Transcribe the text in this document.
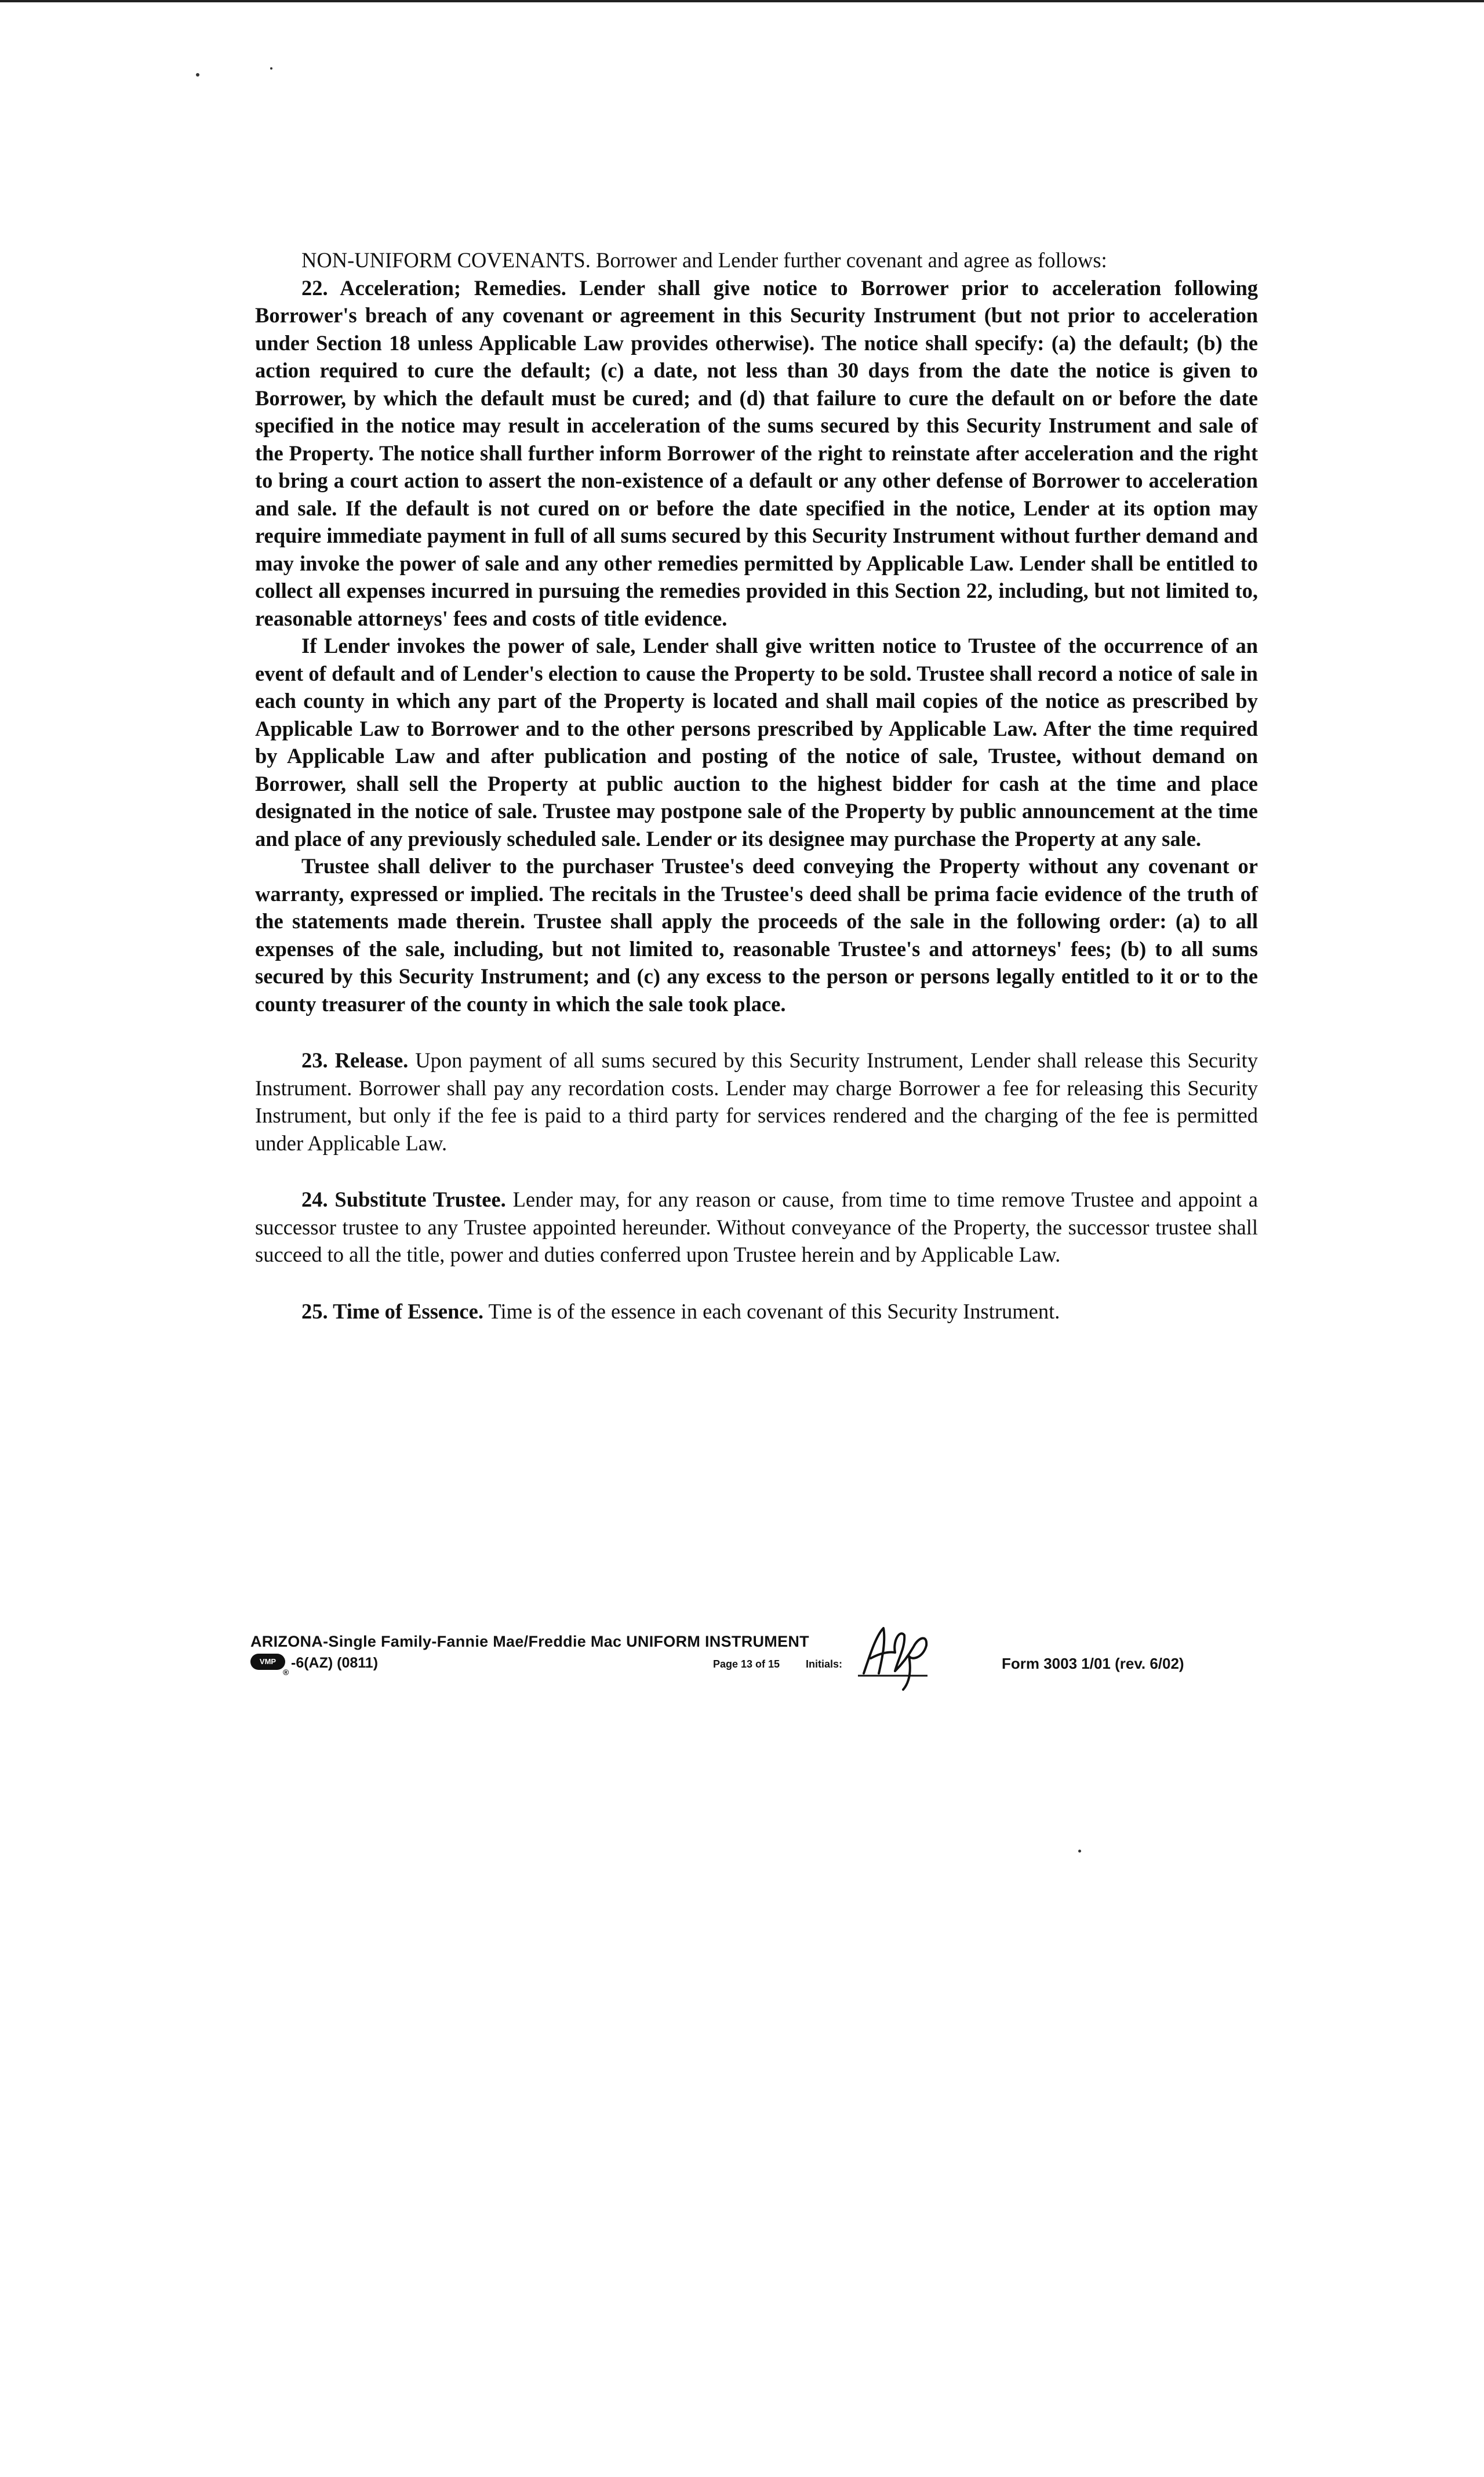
NON-UNIFORM COVENANTS. Borrower and Lender further covenant and agree as follows:

22. Acceleration; Remedies. Lender shall give notice to Borrower prior to acceleration following Borrower's breach of any covenant or agreement in this Security Instrument (but not prior to acceleration under Section 18 unless Applicable Law provides otherwise). The notice shall specify: (a) the default; (b) the action required to cure the default; (c) a date, not less than 30 days from the date the notice is given to Borrower, by which the default must be cured; and (d) that failure to cure the default on or before the date specified in the notice may result in acceleration of the sums secured by this Security Instrument and sale of the Property. The notice shall further inform Borrower of the right to reinstate after acceleration and the right to bring a court action to assert the non-existence of a default or any other defense of Borrower to acceleration and sale. If the default is not cured on or before the date specified in the notice, Lender at its option may require immediate payment in full of all sums secured by this Security Instrument without further demand and may invoke the power of sale and any other remedies permitted by Applicable Law. Lender shall be entitled to collect all expenses incurred in pursuing the remedies provided in this Section 22, including, but not limited to, reasonable attorneys' fees and costs of title evidence.

If Lender invokes the power of sale, Lender shall give written notice to Trustee of the occurrence of an event of default and of Lender's election to cause the Property to be sold. Trustee shall record a notice of sale in each county in which any part of the Property is located and shall mail copies of the notice as prescribed by Applicable Law to Borrower and to the other persons prescribed by Applicable Law. After the time required by Applicable Law and after publication and posting of the notice of sale, Trustee, without demand on Borrower, shall sell the Property at public auction to the highest bidder for cash at the time and place designated in the notice of sale. Trustee may postpone sale of the Property by public announcement at the time and place of any previously scheduled sale. Lender or its designee may purchase the Property at any sale.

Trustee shall deliver to the purchaser Trustee's deed conveying the Property without any covenant or warranty, expressed or implied. The recitals in the Trustee's deed shall be prima facie evidence of the truth of the statements made therein. Trustee shall apply the proceeds of the sale in the following order: (a) to all expenses of the sale, including, but not limited to, reasonable Trustee's and attorneys' fees; (b) to all sums secured by this Security Instrument; and (c) any excess to the person or persons legally entitled to it or to the county treasurer of the county in which the sale took place.

23. Release. Upon payment of all sums secured by this Security Instrument, Lender shall release this Security Instrument. Borrower shall pay any recordation costs. Lender may charge Borrower a fee for releasing this Security Instrument, but only if the fee is paid to a third party for services rendered and the charging of the fee is permitted under Applicable Law.

24. Substitute Trustee. Lender may, for any reason or cause, from time to time remove Trustee and appoint a successor trustee to any Trustee appointed hereunder. Without conveyance of the Property, the successor trustee shall succeed to all the title, power and duties conferred upon Trustee herein and by Applicable Law.

25. Time of Essence. Time is of the essence in each covenant of this Security Instrument.

ARIZONA-Single Family-Fannie Mae/Freddie Mac UNIFORM INSTRUMENT
VMP
®
-6(AZ) (0811)	Page 13 of 15 Initials:	Form 3003 1/01 (rev. 6/02)
